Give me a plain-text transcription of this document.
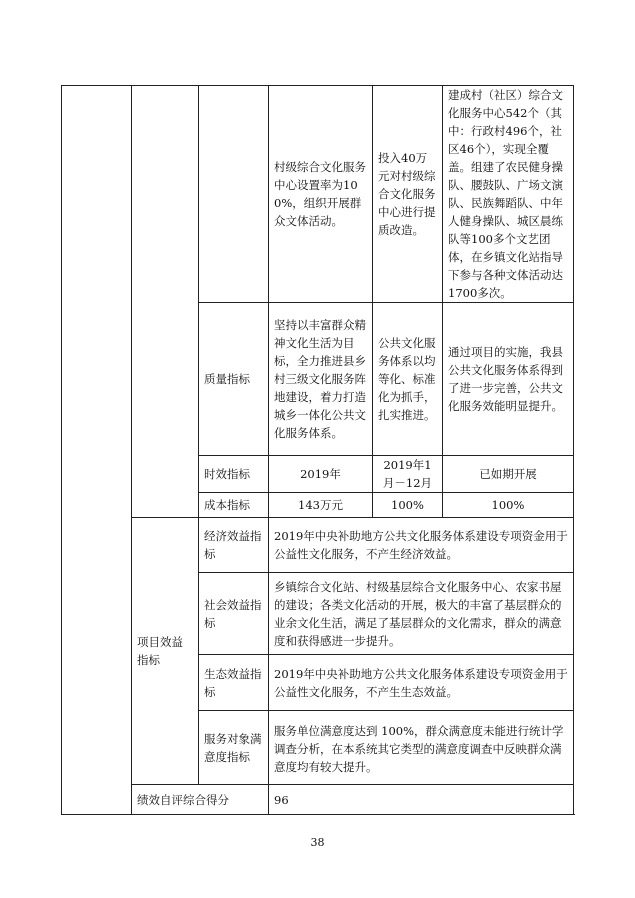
			村级综合文化服务中心设置率为100%，组织开展群众文体活动。	投入40万元对村级综合文化服务中心进行提质改造。	建成村（社区）综合文化服务中心542个（其中：行政村496个，社区46个），实现全覆盖。组建了农民健身操队、腰鼓队、广场文演队、民族舞蹈队、中年人健身操队、城区晨练队等100多个文艺团体，在乡镇文化站指导下参与各种文体活动达1700多次。
		质量指标	坚持以丰富群众精神文化生活为目标，全力推进县乡村三级文化服务阵地建设，着力打造城乡一体化公共文化服务体系。	公共文化服务体系以均等化、标准化为抓手，扎实推进。	通过项目的实施，我县公共文化服务体系得到了进一步完善，公共文化服务效能明显提升。
		时效指标	2019年	2019年1月－12月	已如期开展
		成本指标	143万元	100%	100%
	项目效益指标	经济效益指标	2019年中央补助地方公共文化服务体系建设专项资金用于公益性文化服务，不产生经济效益。		
		社会效益指标	乡镇综合文化站、村级基层综合文化服务中心、农家书屋的建设；各类文化活动的开展，极大的丰富了基层群众的业余文化生活，满足了基层群众的文化需求，群众的满意度和获得感进一步提升。		
		生态效益指标	2019年中央补助地方公共文化服务体系建设专项资金用于公益性文化服务，不产生生态效益。		
		服务对象满意度指标	服务单位满意度达到 100%，群众满意度未能进行统计学调查分析，在本系统其它类型的满意度调查中反映群众满意度均有较大提升。		
	绩效自评综合得分		96		
38
